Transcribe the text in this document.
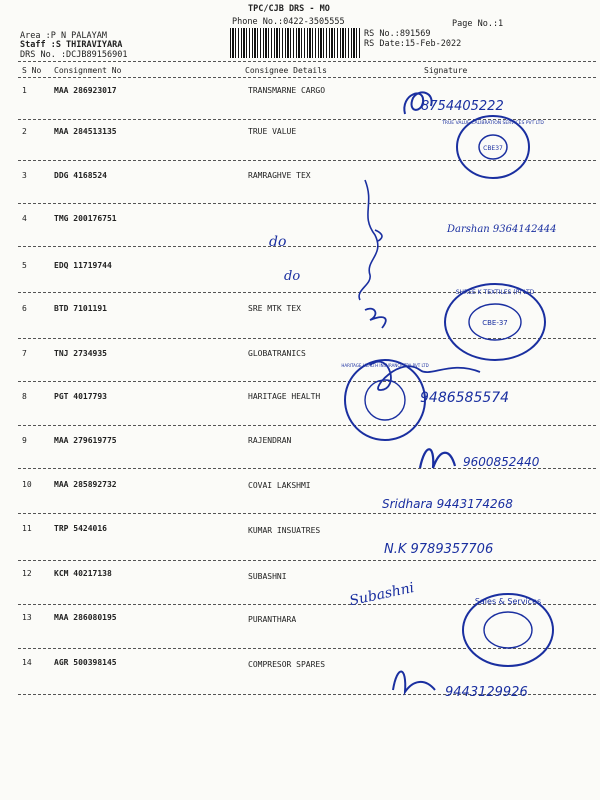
TPC/CJB DRS - MO
Phone No.:0422-3505555	Page No.:1
Area :P N PALAYAM
Staff :S THIRAVIYARA
DRS No. :DCJB89156901
RS No.:891569
RS Date:15-Feb-2022
S No Consignment No	Consignee Details	Signature
1	MAA 286923017	TRANSMARNE CARGO
2	MAA 284513135	TRUE VALUE
3	DDG 4168524	RAMRAGHVE TEX
4	TMG 200176751
5	EDQ 11719744
6	BTD 7101191	SRE MTK TEX
7	TNJ 2734935	GLOBATRANICS
8	PGT 4017793	HARITAGE HEALTH
9	MAA 279619775	RAJENDRAN
10	MAA 285892732	COVAI LAKSHMI
11	TRP 5424016	KUMAR INSUATRES
12	KCM 40217138	SUBASHNI
13	MAA 286080195	PURANTHARA
14	AGR 500398145	COMPRESOR SPARES
8754405222
CBE37
TRUE VALUE CALIBRATION SERVICES PVT LTD
do
Darshan 9364142444
do
CBE-37
SHREE K TEXTILES (P) LTD
HARITAGE HEALTH INSURANCE TPA PVT LTD
9486585574
9600852440
Sridhara 9443174268
N.K 9789357706
Subashni	Sales & Services
9443129926
